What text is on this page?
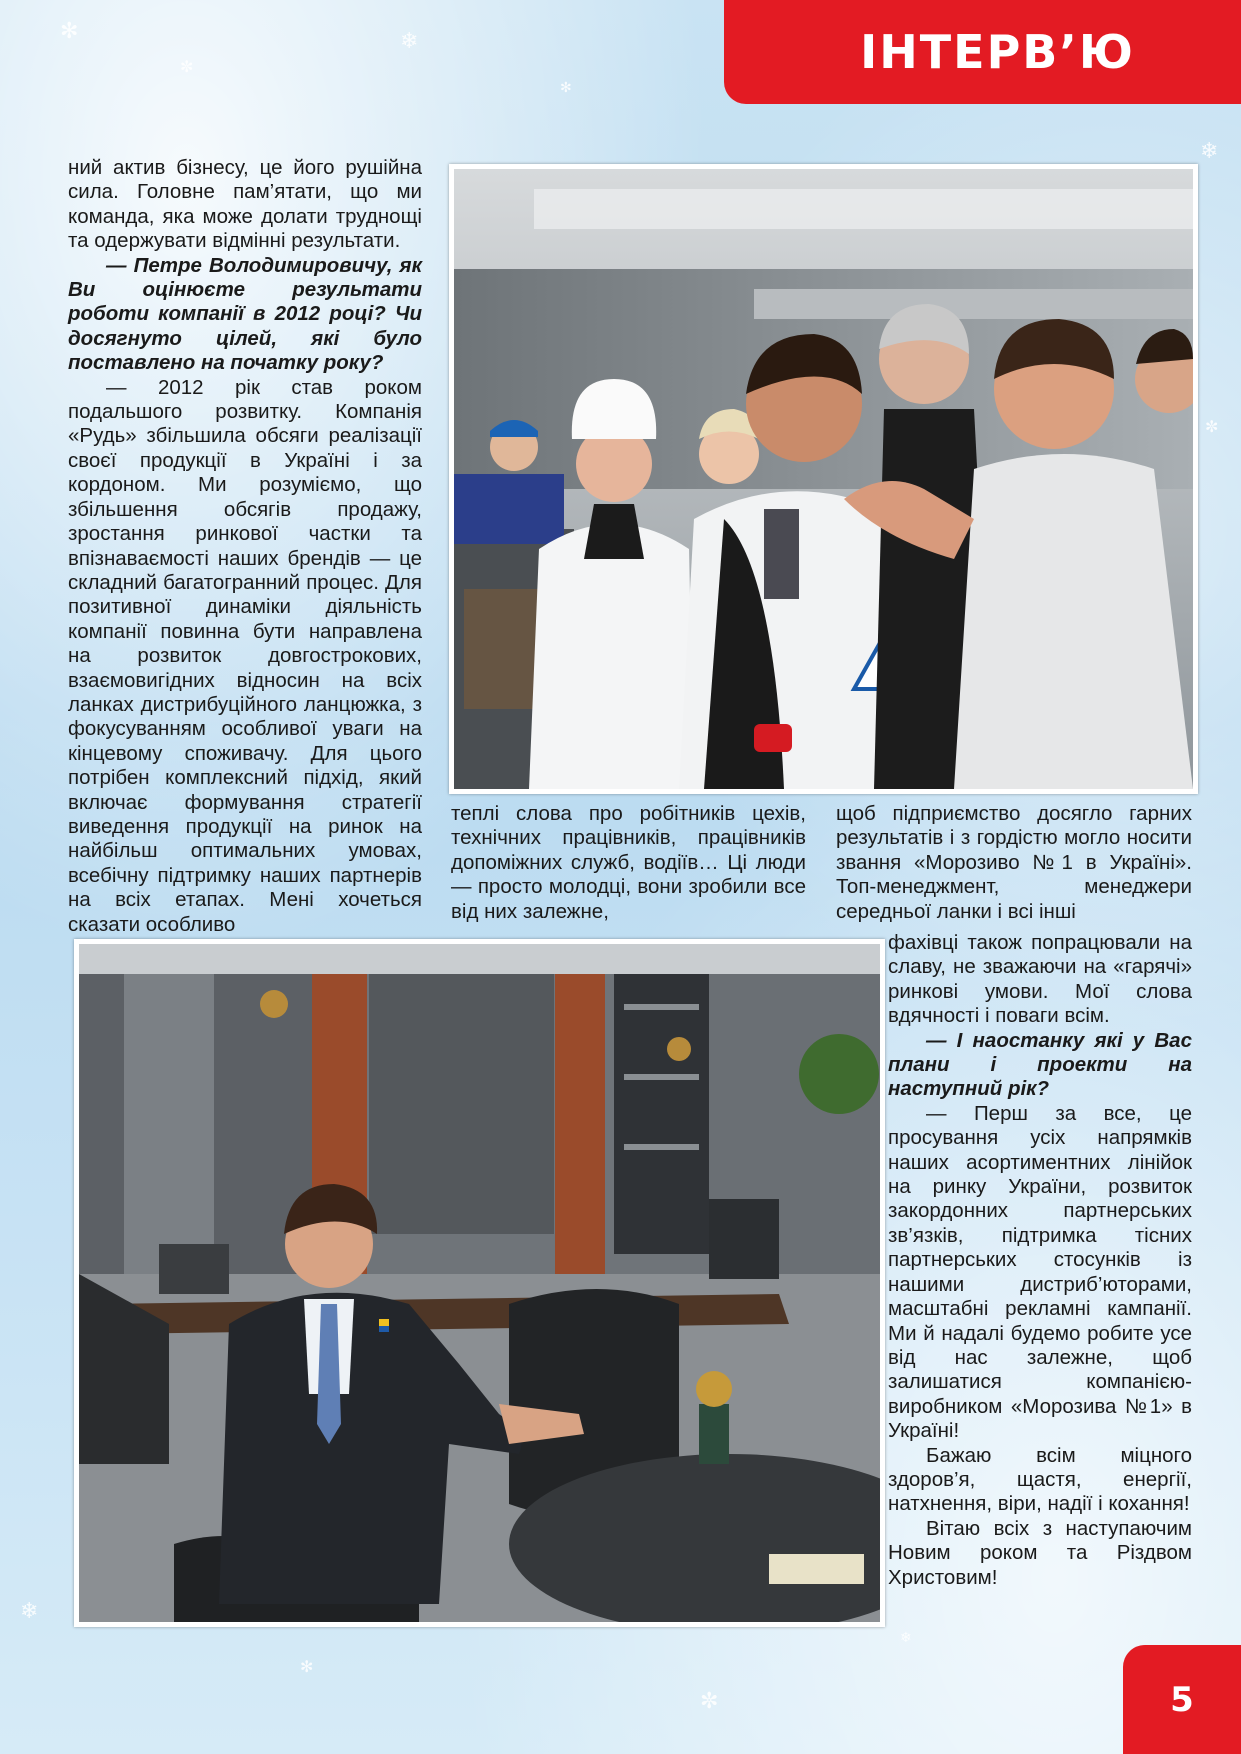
✻
✼
❄
✻
❄
✼
❄
✻
✼
❄
ІНТЕРВ’Ю

ний актив бізнесу, це його рушійна сила. Головне пам’ятати, що ми команда, яка може долати труднощі та одержувати відмінні результати.

— Петре Володимировичу, як Ви оцінюєте результати роботи компанії в 2012 році? Чи досягнуто цілей, які було поставлено на початку року?

— 2012 рік став роком подальшого розвитку. Компанія «Рудь» збільшила обсяги реалізації своєї продукції в Україні і за кордоном. Ми розуміємо, що збільшення обсягів продажу, зростання ринкової частки та впізнаваємості наших брендів — це складний багатогранний процес. Для позитивної динаміки діяльність компанії повинна бути направлена на розвиток довгострокових, взаємовигідних відносин на всіх ланках дистрибуційного ланцюжка, з фокусуванням особливої уваги на кінцевому споживачу. Для цього потрібен комплексний підхід, який включає формування стратегії виведення продукції на ринок на найбільш оптимальних умовах, всебічну підтримку наших партнерів на всіх етапах. Мені хочеться сказати особливо

теплі слова про робітників цехів, технічних працівників, працівників допоміжних служб, водіїв… Ці люди — просто молодці, вони зробили все від них залежне,

щоб підприємство досягло гарних результатів і з гордістю могло носити звання «Морозиво №1 в Україні». Топ-менеджмент, менеджери середньої ланки і всі інші

фахівці також попрацювали на славу, не зважаючи на «гарячі» ринкові умови. Мої слова вдячності і поваги всім.

— І наостанку які у Вас плани і проекти на наступний рік?

— Перш за все, це просування усіх напрямків наших асортиментних лінійок на ринку України, розвиток закордонних партнерських зв’язків, підтримка тісних партнерських стосунків із нашими дистриб’юторами, масштабні рекламні кампанії. Ми й надалі будемо робите усе від нас залежне, щоб залишатися компанією-виробником «Морозива №1» в Україні!

Бажаю всім міцного здоров’я, щастя, енергії, натхнення, віри, надії і кохання!

Вітаю всіх з наступаючим Новим роком та Різдвом Христовим!

5
